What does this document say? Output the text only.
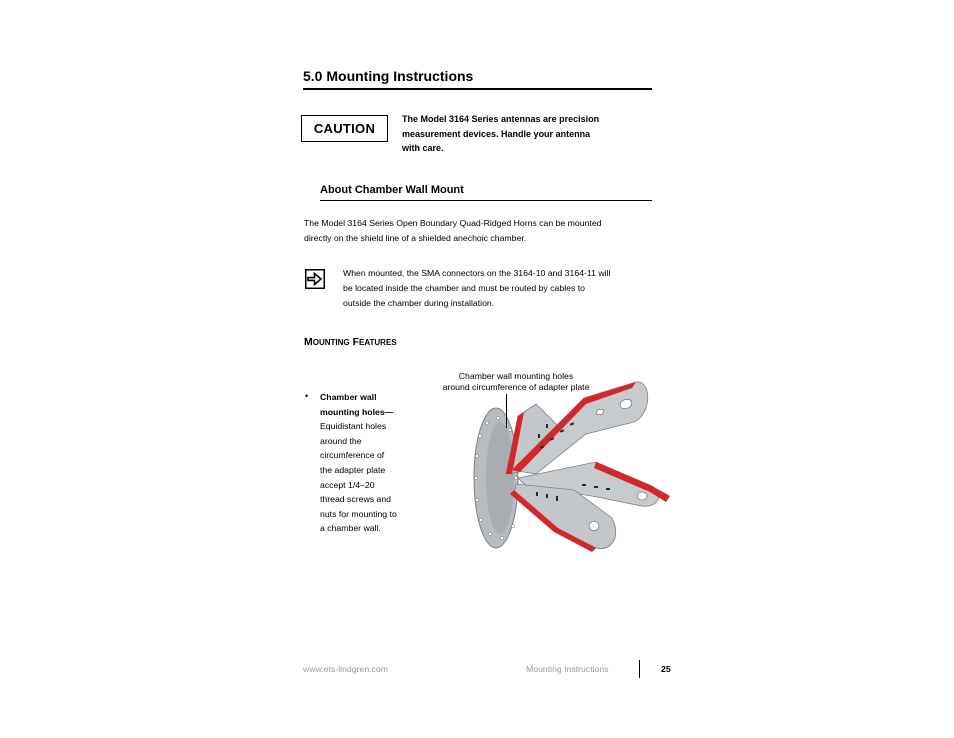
5.0 Mounting Instructions
CAUTION
The Model 3164 Series antennas are precision
measurement devices. Handle your antenna
with care.
About Chamber Wall Mount
The Model 3164 Series Open Boundary Quad-Ridged Horns can be mounted
directly on the shield line of a shielded anechoic chamber.
When mounted, the SMA connectors on the 3164-10 and 3164-11 will
be located inside the chamber and must be routed by cables to
outside the chamber during installation.
MOUNTING FEATURES
• Chamber wall
mounting holes—
Equidistant holes
around the
circumference of
the adapter plate
accept 1/4–20
thread screws and
nuts for mounting to
a chamber wall.
Chamber wall mounting holes
around circumference of adapter plate
www.ets-lindgren.com	Mounting Instructions	25
